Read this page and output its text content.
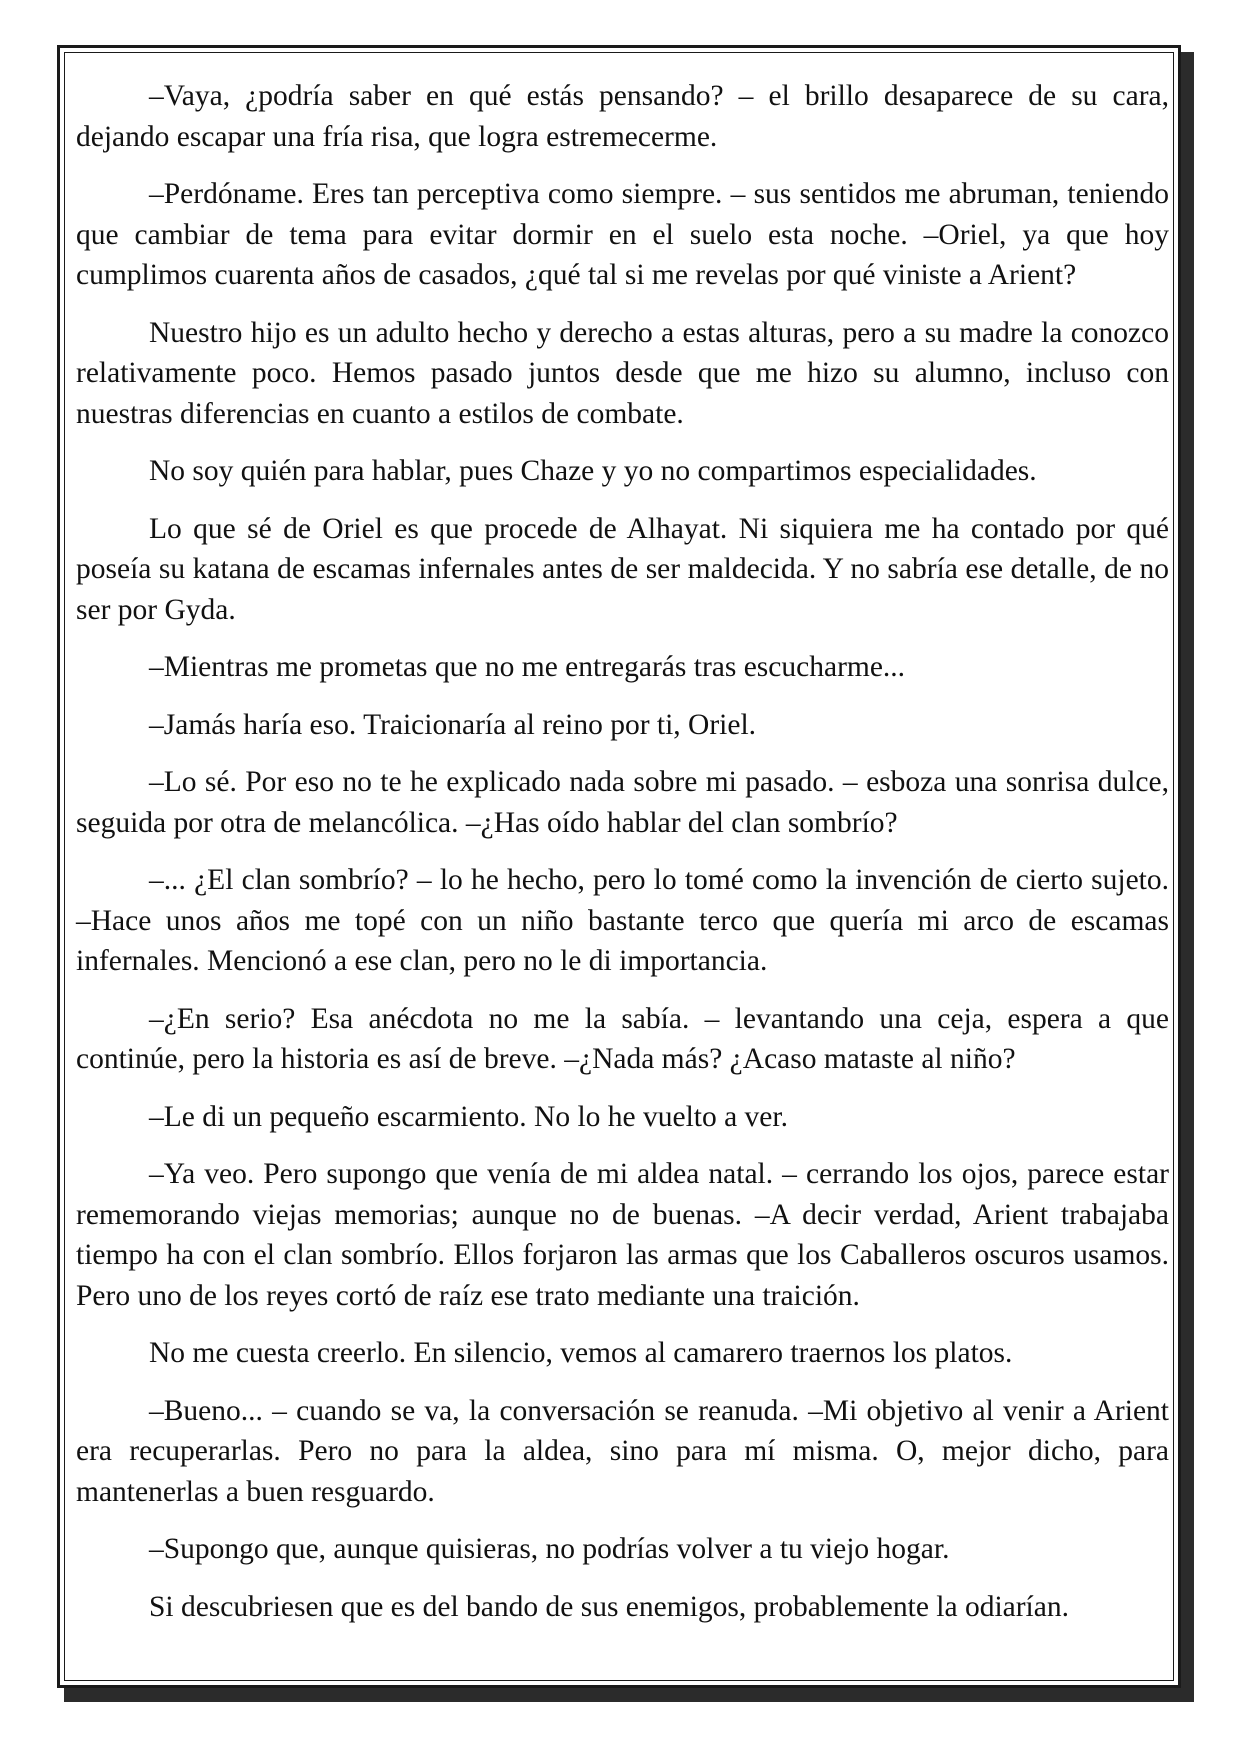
–Vaya, ¿podría saber en qué estás pensando? – el brillo desaparece de su cara, dejando escapar una fría risa, que logra estremecerme.

–Perdóname. Eres tan perceptiva como siempre. – sus sentidos me abruman, teniendo que cambiar de tema para evitar dormir en el suelo esta noche. –Oriel, ya que hoy cumplimos cuarenta años de casados, ¿qué tal si me revelas por qué viniste a Arient?

Nuestro hijo es un adulto hecho y derecho a estas alturas, pero a su madre la conozco relativamente poco. Hemos pasado juntos desde que me hizo su alumno, incluso con nuestras diferencias en cuanto a estilos de combate.

No soy quién para hablar, pues Chaze y yo no compartimos especialidades.

Lo que sé de Oriel es que procede de Alhayat. Ni siquiera me ha contado por qué poseía su katana de escamas infernales antes de ser maldecida. Y no sabría ese detalle, de no ser por Gyda.

–Mientras me prometas que no me entregarás tras escucharme...

–Jamás haría eso. Traicionaría al reino por ti, Oriel.

–Lo sé. Por eso no te he explicado nada sobre mi pasado. – esboza una sonrisa dulce, seguida por otra de melancólica. –¿Has oído hablar del clan sombrío?

–... ¿El clan sombrío? – lo he hecho, pero lo tomé como la invención de cierto sujeto. –Hace unos años me topé con un niño bastante terco que quería mi arco de escamas infernales. Mencionó a ese clan, pero no le di importancia.

–¿En serio? Esa anécdota no me la sabía. – levantando una ceja, espera a que continúe, pero la historia es así de breve. –¿Nada más? ¿Acaso mataste al niño?

–Le di un pequeño escarmiento. No lo he vuelto a ver.

–Ya veo. Pero supongo que venía de mi aldea natal. – cerrando los ojos, parece estar rememorando viejas memorias; aunque no de buenas. –A decir verdad, Arient trabajaba tiempo ha con el clan sombrío. Ellos forjaron las armas que los Caballeros oscuros usamos. Pero uno de los reyes cortó de raíz ese trato mediante una traición.

No me cuesta creerlo. En silencio, vemos al camarero traernos los platos.

–Bueno... – cuando se va, la conversación se reanuda. –Mi objetivo al venir a Arient era recuperarlas. Pero no para la aldea, sino para mí misma. O, mejor dicho, para mantenerlas a buen resguardo.

–Supongo que, aunque quisieras, no podrías volver a tu viejo hogar.

Si descubriesen que es del bando de sus enemigos, probablemente la odiarían.
